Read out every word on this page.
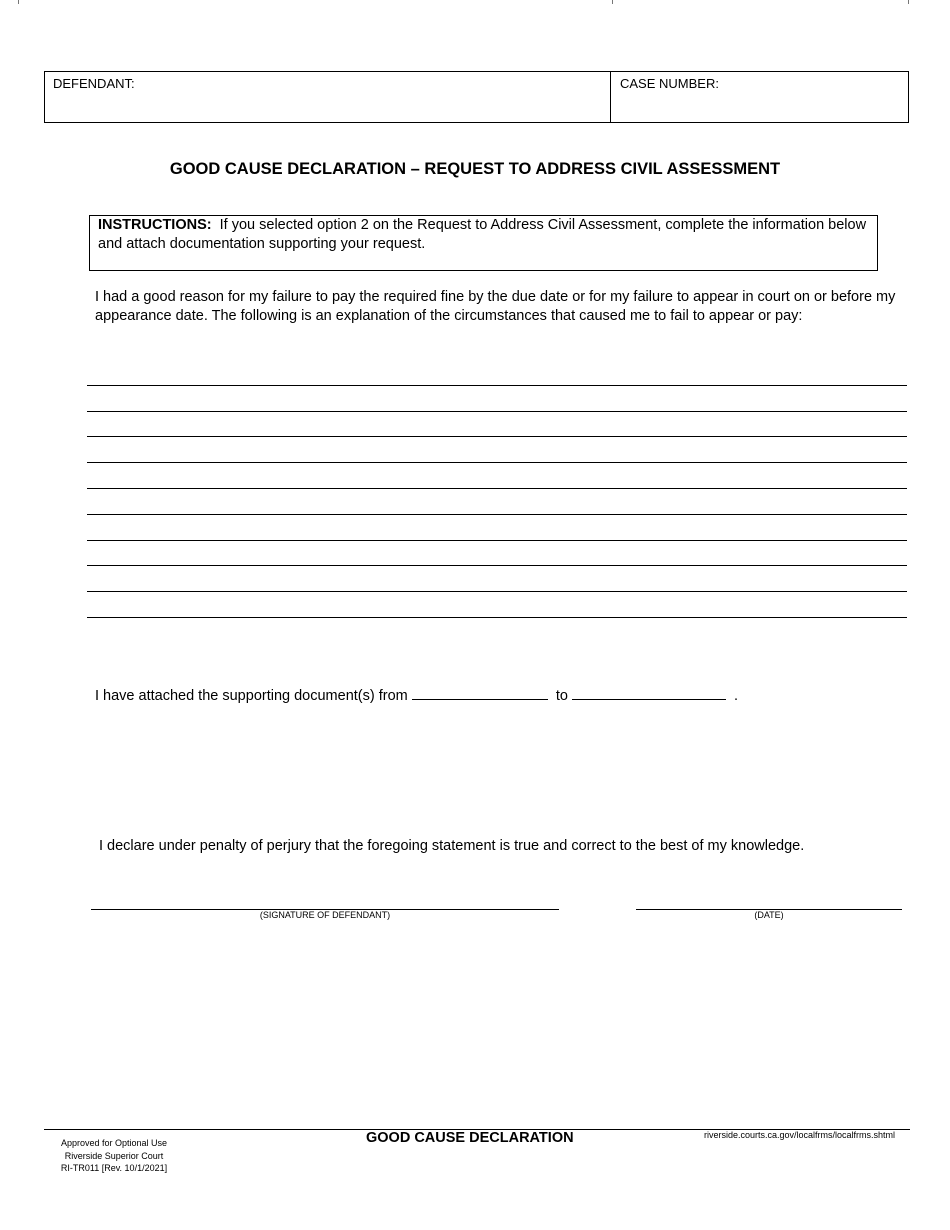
DEFENDANT:	CASE NUMBER:
GOOD CAUSE DECLARATION – REQUEST TO ADDRESS CIVIL ASSESSMENT
INSTRUCTIONS: If you selected option 2 on the Request to Address Civil Assessment, complete the information below and attach documentation supporting your request.
I had a good reason for my failure to pay the required fine by the due date or for my failure to appear in court on or before my appearance date. The following is an explanation of the circumstances that caused me to fail to appear or pay:
I have attached the supporting document(s) from	to	.
I declare under penalty of perjury that the foregoing statement is true and correct to the best of my knowledge.
(SIGNATURE OF DEFENDANT)	(DATE)
Approved for Optional Use
Riverside Superior Court
RI-TR011 [Rev. 10/1/2021]
GOOD CAUSE DECLARATION	riverside.courts.ca.gov/localfrms/localfrms.shtml
